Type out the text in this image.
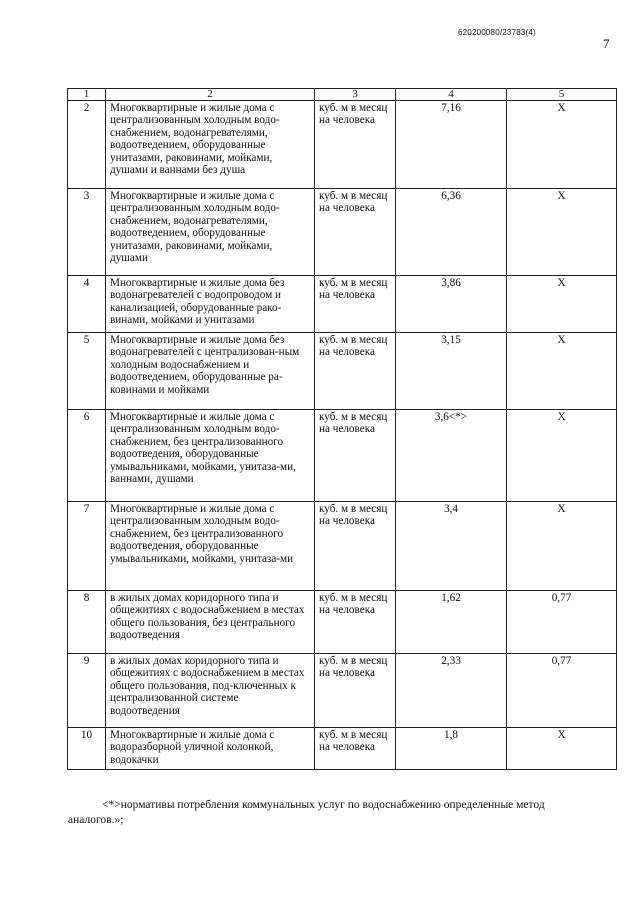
620200080/23783(4)
7
1	2	3	4	5
2	Многоквартирные и жилые дома с централизованным холодным водо-снабжением, водонагревателями, водоотведением, оборудованные унитазами, раковинами, мойками, душами и ваннами без душа	куб. м в месяц на человека	7,16	X
3	Многоквартирные и жилые дома с централизованным холодным водо-снабжением, водонагревателями, водоотведением, оборудованные унитазами, раковинами, мойками, душами	куб. м в месяц на человека	6,36	X
4	Многоквартирные и жилые дома без водонагревателей с водопроводом и канализацией, оборудованные рако-винами, мойками и унитазами	куб. м в месяц на человека	3,86	X
5	Многоквартирные и жилые дома без водонагревателей с централизован-ным холодным водоснабжением и водоотведением, оборудованные ра-ковинами и мойками	куб. м в месяц на человека	3,15	X
6	Многоквартирные и жилые дома с централизованным холодным водо-снабжением, без централизованного водоотведения, оборудованные умывальниками, мойками, унитаза-ми, ваннами, душами	куб. м в месяц на человека	3,6<*>	X
7	Многоквартирные и жилые дома с централизованным холодным водо-снабжением, без централизованного водоотведения, оборудованные умывальниками, мойками, унитаза-ми	куб. м в месяц на человека	3,4	X
8	в жилых домах коридорного типа и общежитиях с водоснабжением в местах общего пользования, без центрального водоотведения	куб. м в месяц на человека	1,62	0,77
9	в жилых домах коридорного типа и общежитиях с водоснабжением в местах общего пользования, под-ключенных к централизованной системе водоотведения	куб. м в месяц на человека	2,33	0,77
10	Многоквартирные и жилые дома с водоразборной уличной колонкой, водокачки	куб. м в месяц на человека	1,8	X
<*>нормативы потребления коммунальных услуг по водоснабжению определенные метод
аналогов.»;
